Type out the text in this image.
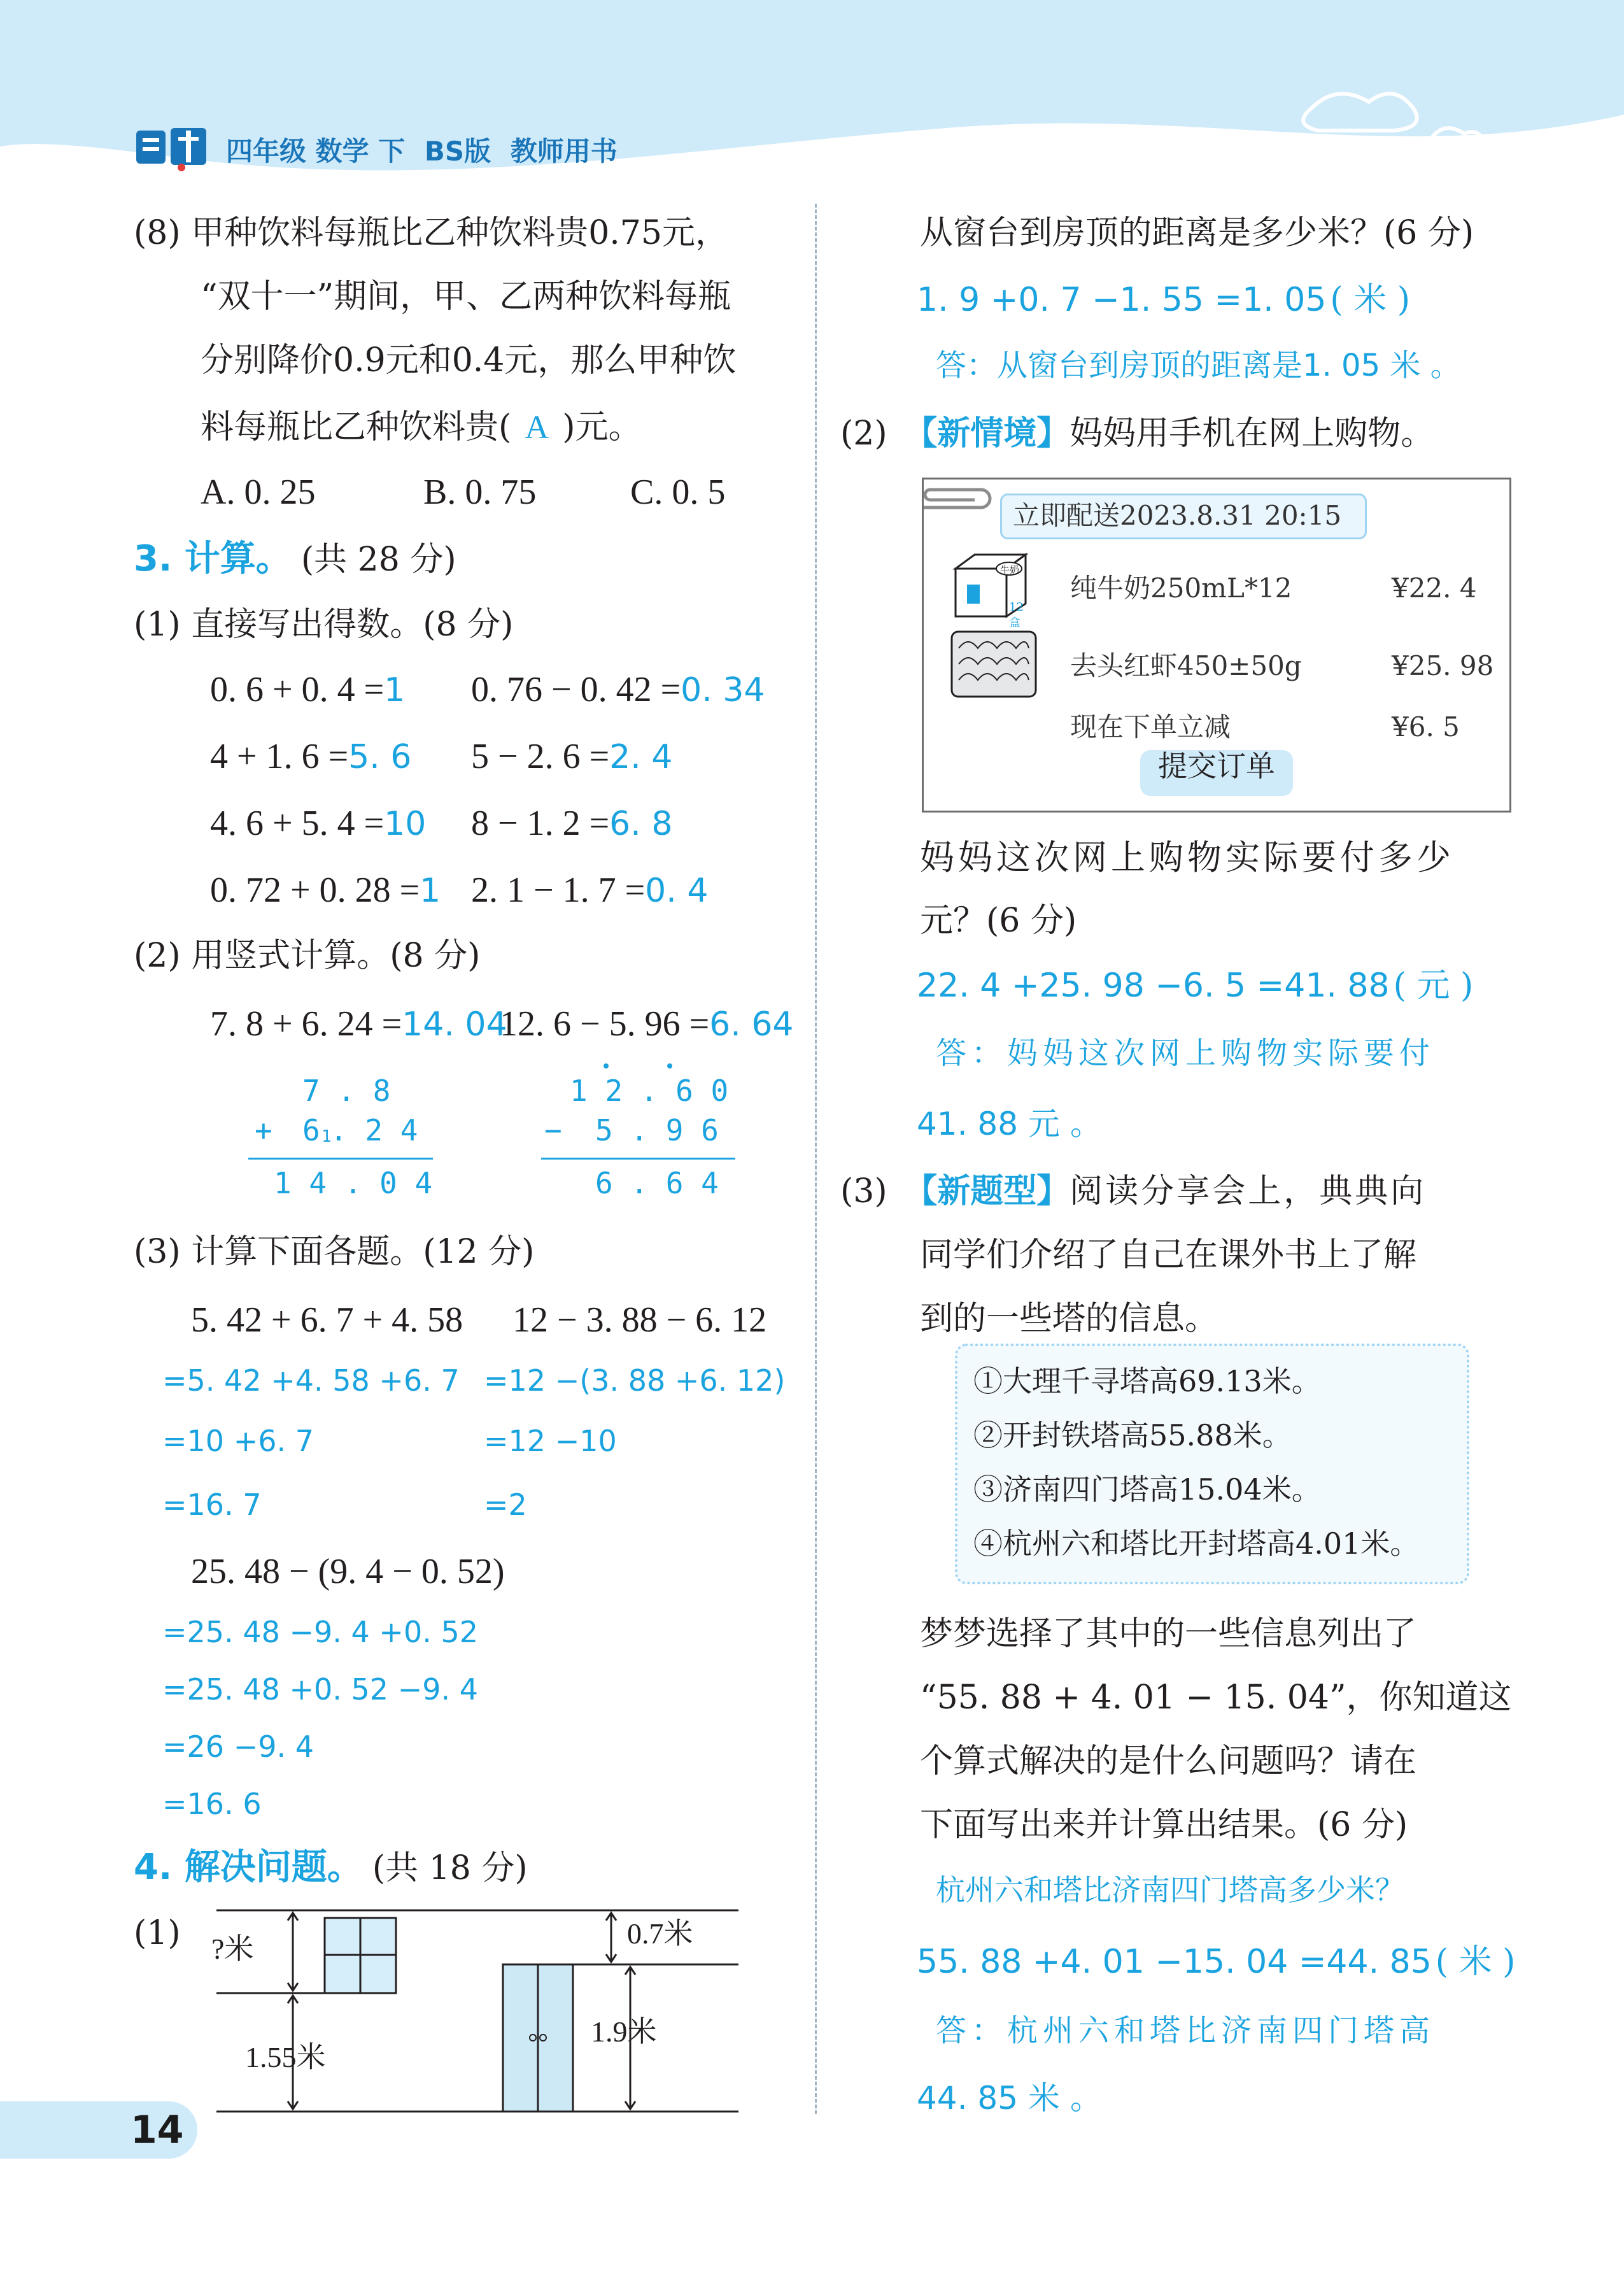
四年级 数学 下 BS版 教师用书
(8) 甲种饮料每瓶比乙种饮料贵0.75元，
“双十一”期间，甲、乙两种饮料每瓶
分别降价0.9元和0.4元，那么甲种饮
料每瓶比乙种饮料贵( A )元。
A. 0. 25	B. 0. 75	C. 0. 5
3. 计算。 (共 28 分)
(1) 直接写出得数。(8 分)
0. 6 + 0. 4 =1 0. 76 − 0. 42 =0. 34
4 + 1. 6 =5. 6 5 − 2. 6 =2. 4
4. 6 + 5. 4 =10 8 − 1. 2 =6. 8
0. 72 + 0. 28 =1 2. 1 − 1. 7 =0. 4
(2) 用竖式计算。(8 分)
7. 8 + 6. 24 =14. 04
12. 6 − 5. 96 =6. 64
7 . 8
+ 6 1
. 2 4
1 4 . 0 4
1 2 . 6 0
− 5 . 9 6
6 . 6 4
(3) 计算下面各题。(12 分)
5. 42 + 6. 7 + 4. 58
=5. 42 +4. 58 +6. 7
=10 +6. 7
=16. 7
12 − 3. 88 − 6. 12
=12 −(3. 88 +6. 12)
=12 −10
=2
25. 48 − (9. 4 − 0. 52)
=25. 48 −9. 4 +0. 52
=25. 48 +0. 52 −9. 4
=26 −9. 4
=16. 6
4. 解决问题。 (共 18 分)
(1) ?米
1.55米
0.7米
1.9米
14
从窗台到房顶的距离是多少米？(6 分)
1. 9 +0. 7 −1. 55 =1. 05 ( 米 )
答：从窗台到房顶的距离是1. 05 米 。
(2) 【新情境】妈妈用手机在网上购物。
立即配送2023.8.31 20:15
牛奶
12盒
纯牛奶250mL*12	¥22. 4
去头红虾450±50g	¥25. 98
现在下单立减	¥6. 5
提交订单
妈妈这次网上购物实际要付多少
元？(6 分)
22. 4 +25. 98 −6. 5 =41. 88 ( 元 )
答：妈妈这次网上购物实际要付
41. 88 元 。
(3) 【新题型】阅读分享会上，典典向
同学们介绍了自己在课外书上了解
到的一些塔的信息。
①大理千寻塔高69.13米。
②开封铁塔高55.88米。
③济南四门塔高15.04米。
④杭州六和塔比开封塔高4.01米。
梦梦选择了其中的一些信息列出了
“55. 88 + 4. 01 − 15. 04”，你知道这
个算式解决的是什么问题吗？请在
下面写出来并计算出结果。(6 分)
杭州六和塔比济南四门塔高多少米？
55. 88 +4. 01 −15. 04 =44. 85 ( 米 )
答：杭州六和塔比济南四门塔高
44. 85 米 。
